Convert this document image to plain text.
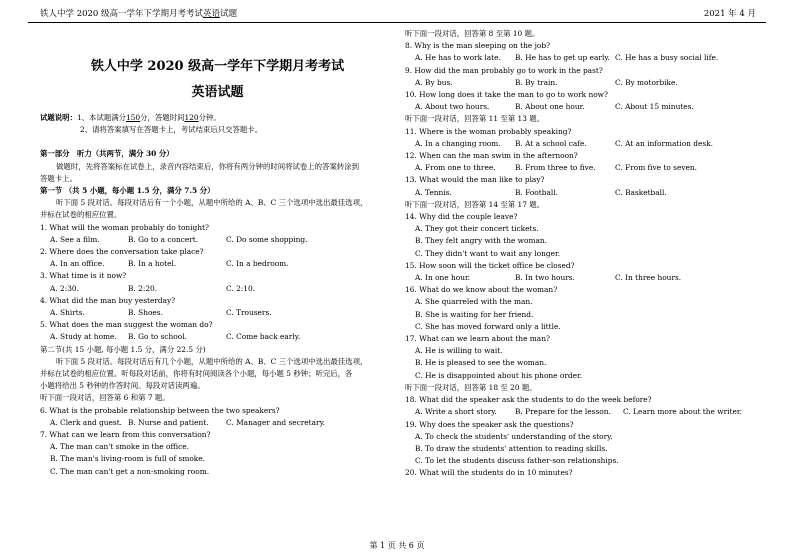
铁人中学 2020 级高一学年下学期月考考试英语试题	2021 年 4 月
铁人中学 2020 级高一学年下学期月考考试
英语试题
试题说明：1、本试题满分150分，答题时间120分钟。
2、请将答案填写在答题卡上，考试结束后只交答题卡。
第一部分　听力（共两节，满分 30 分）
做题时，先将答案标在试卷上，录音内容结束后，你将有两分钟的时间将试卷上的答案转涂到
答题卡上。
第一节 （共 5 小题，每小题 1.5 分，满分 7.5 分）
听下面 5 段对话。每段对话后有一个小题，从题中所给的 A、B、C 三个选项中选出最佳选项，
并标在试卷的相应位置。
1. What will the woman probably do tonight?
A. See a film.	B. Go to a concert.	C. Do some shopping.
2. Where does the conversation take place?
A. In an office.	B. In a hotel.	C. In a bedroom.
3. What time is it now?
A. 2:30.	B. 2:20.	C. 2:10.
4. What did the man buy yesterday?
A. Shirts.	B. Shoes.	C. Trousers.
5. What does the man suggest the woman do?
A. Study at home.	B. Go to school.	C. Come back early.
第二节(共 15 小题, 每小题 1.5 分，满分 22.5 分)
听下面 5 段对话。每段对话后有几个小题，从题中所给的 A、B、C 三个选项中选出最佳选项，
并标在试卷的相应位置。听每段对话前，你将有时间阅读各个小题，每小题 5 秒钟；听完后，各
小题将给出 5 秒钟的作答时间。每段对话读两遍。
听下面一段对话，回答第 6 和第 7 题。
6. What is the probable relationship between the two speakers?
A. Clerk and guest. B. Nurse and patient.	C. Manager and secretary.
7. What can we learn from this conversation?
A. The man can't smoke in the office.
B. The man's living-room is full of smoke.
C. The man can't get a non-smoking room.
听下面一段对话，回答第 8 至第 10 题。
8. Why is the man sleeping on the job?
A. He has to work late.	B. He has to get up early. C. He has a busy social life.
9. How did the man probably go to work in the past?
A. By bus.	B. By train.	C. By motorbike.
10. How long does it take the man to go to work now?
A. About two hours.	B. About one hour.	C. About 15 minutes.
听下面一段对话，回答第 11 至第 13 题。
11. Where is the woman probably speaking?
A. In a changing room.	B. At a school cafe.	C. At an information desk.
12. When can the man swim in the afternoon?
A. From one to three.	B. From three to five.	C. From five to seven.
13. What would the man like to play?
A. Tennis.	B. Football.	C. Basketball.
听下面一段对话，回答第 14 至第 17 题。
14. Why did the couple leave?
A. They got their concert tickets.
B. They felt angry with the woman.
C. They didn't want to wait any longer.
15. How soon will the ticket office be closed?
A. In one hour.	B. In two hours.	C. In three hours.
16. What do we know about the woman?
A. She quarreled with the man.
B. She is waiting for her friend.
C. She has moved forward only a little.
17. What can we learn about the man?
A. He is willing to wait.
B. He is pleased to see the woman.
C. He is disappointed about his phone order.
听下面一段对话，回答第 18 至 20 题。
18. What did the speaker ask the students to do the week before?
A. Write a short story.	B. Prepare for the lesson.	C. Learn more about the writer.
19. Why does the speaker ask the questions?
A. To check the students' understanding of the story.
B. To draw the students' attention to reading skills.
C. To let the students discuss father-son relationships.
20. What will the students do in 10 minutes?
第 1 页 共 6 页
